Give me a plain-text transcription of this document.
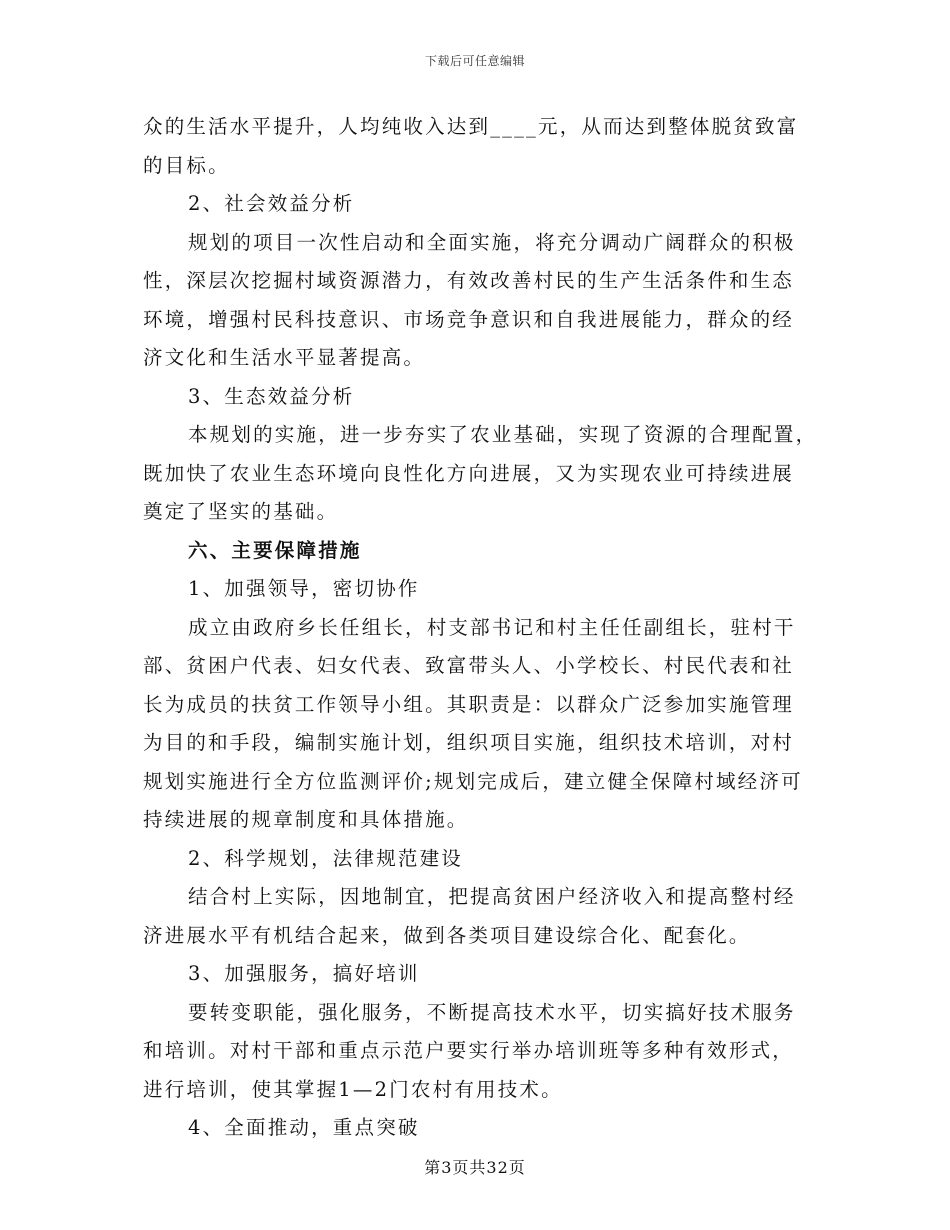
下载后可任意编辑
众的生活水平提升，人均纯收入达到____元，从而达到整体脱贫致富
的目标。
2、社会效益分析
规划的项目一次性启动和全面实施，将充分调动广阔群众的积极
性，深层次挖掘村域资源潜力，有效改善村民的生产生活条件和生态
环境，增强村民科技意识、市场竞争意识和自我进展能力，群众的经
济文化和生活水平显著提高。
3、生态效益分析
本规划的实施，进一步夯实了农业基础，实现了资源的合理配置，
既加快了农业生态环境向良性化方向进展，又为实现农业可持续进展
奠定了坚实的基础。
六、主要保障措施
1、加强领导，密切协作
成立由政府乡长任组长，村支部书记和村主任任副组长，驻村干
部、贫困户代表、妇女代表、致富带头人、小学校长、村民代表和社
长为成员的扶贫工作领导小组。其职责是：以群众广泛参加实施管理
为目的和手段，编制实施计划，组织项目实施，组织技术培训，对村
规划实施进行全方位监测评价;规划完成后，建立健全保障村域经济可
持续进展的规章制度和具体措施。
2、科学规划，法律规范建设
结合村上实际，因地制宜，把提高贫困户经济收入和提高整村经
济进展水平有机结合起来，做到各类项目建设综合化、配套化。
3、加强服务，搞好培训
要转变职能，强化服务，不断提高技术水平，切实搞好技术服务
和培训。对村干部和重点示范户要实行举办培训班等多种有效形式，
进行培训，使其掌握1—2门农村有用技术。
4、全面推动，重点突破
第3页共32页
